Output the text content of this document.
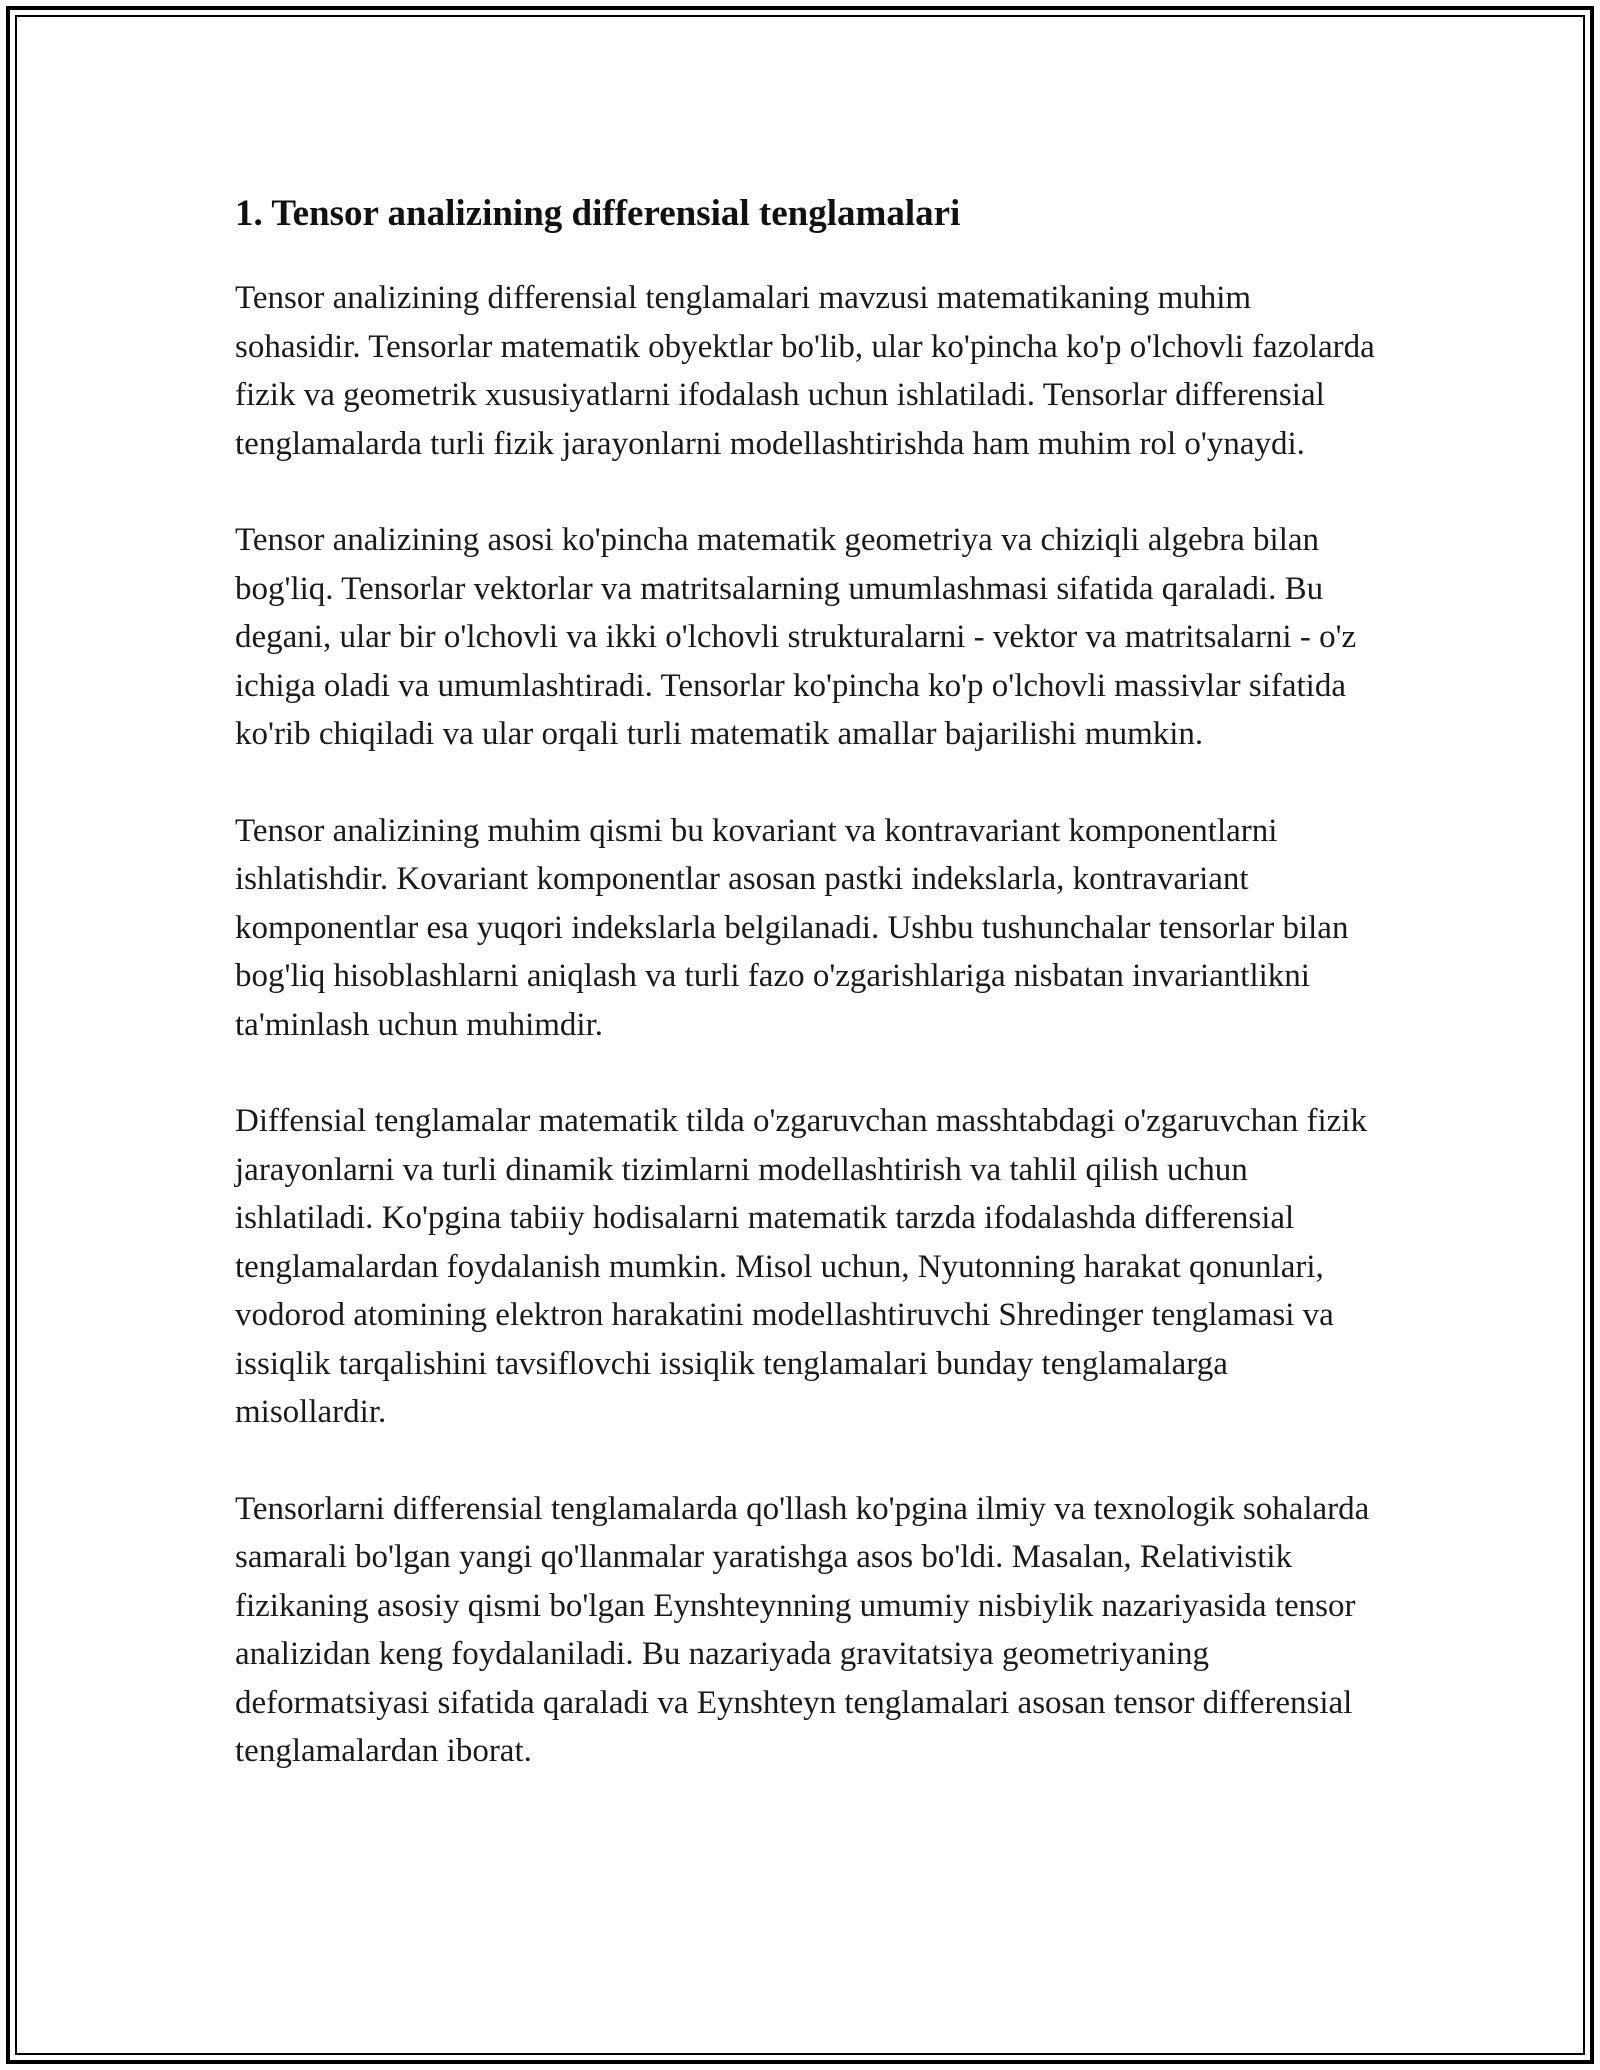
1. Tensor analizining differensial tenglamalari

Tensor analizining differensial tenglamalari mavzusi matematikaning muhim sohasidir. Tensorlar matematik obyektlar bo'lib, ular ko'pincha ko'p o'lchovli fazolarda fizik va geometrik xususiyatlarni ifodalash uchun ishlatiladi. Tensorlar differensial tenglamalarda turli fizik jarayonlarni modellashtirishda ham muhim rol o'ynaydi.

Tensor analizining asosi ko'pincha matematik geometriya va chiziqli algebra bilan bog'liq. Tensorlar vektorlar va matritsalarning umumlashmasi sifatida qaraladi. Bu degani, ular bir o'lchovli va ikki o'lchovli strukturalarni - vektor va matritsalarni - o'z ichiga oladi va umumlashtiradi. Tensorlar ko'pincha ko'p o'lchovli massivlar sifatida ko'rib chiqiladi va ular orqali turli matematik amallar bajarilishi mumkin.

Tensor analizining muhim qismi bu kovariant va kontravariant komponentlarni ishlatishdir. Kovariant komponentlar asosan pastki indekslarla, kontravariant komponentlar esa yuqori indekslarla belgilanadi. Ushbu tushunchalar tensorlar bilan bog'liq hisoblashlarni aniqlash va turli fazo o'zgarishlariga nisbatan invariantlikni ta'minlash uchun muhimdir.

Diffensial tenglamalar matematik tilda o'zgaruvchan masshtabdagi o'zgaruvchan fizik jarayonlarni va turli dinamik tizimlarni modellashtirish va tahlil qilish uchun ishlatiladi. Ko'pgina tabiiy hodisalarni matematik tarzda ifodalashda differensial tenglamalardan foydalanish mumkin. Misol uchun, Nyutonning harakat qonunlari, vodorod atomining elektron harakatini modellashtiruvchi Shredinger tenglamasi va issiqlik tarqalishini tavsiflovchi issiqlik tenglamalari bunday tenglamalarga misollardir.

Tensorlarni differensial tenglamalarda qo'llash ko'pgina ilmiy va texnologik sohalarda samarali bo'lgan yangi qo'llanmalar yaratishga asos bo'ldi. Masalan, Relativistik fizikaning asosiy qismi bo'lgan Eynshteynning umumiy nisbiylik nazariyasida tensor analizidan keng foydalaniladi. Bu nazariyada gravitatsiya geometriyaning deformatsiyasi sifatida qaraladi va Eynshteyn tenglamalari asosan tensor differensial tenglamalardan iborat.
